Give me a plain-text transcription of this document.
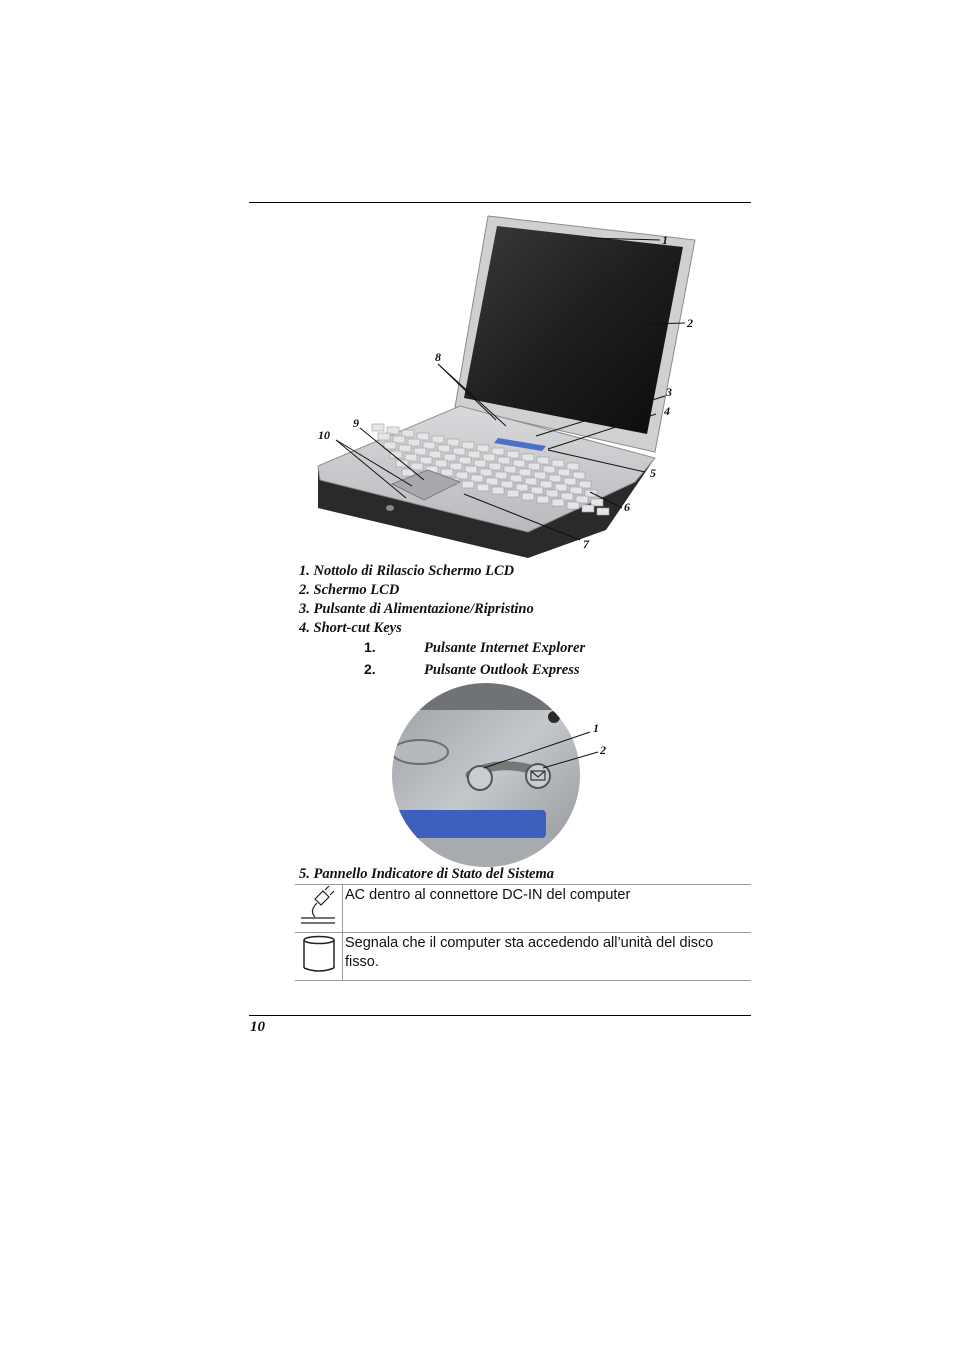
1
2
3
4
5
6
7
8
9
10
1. Nottolo di Rilascio Schermo LCD
2. Schermo LCD
3. Pulsante di Alimentazione/Ripristino
4. Short-cut Keys
1.	Pulsante Internet Explorer
2.	Pulsante Outlook Express
1
2
5. Pannello Indicatore di Stato del Sistema
	AC dentro al connettore DC-IN del computer
	Segnala che il computer sta accedendo all’unità del disco fisso.
10
